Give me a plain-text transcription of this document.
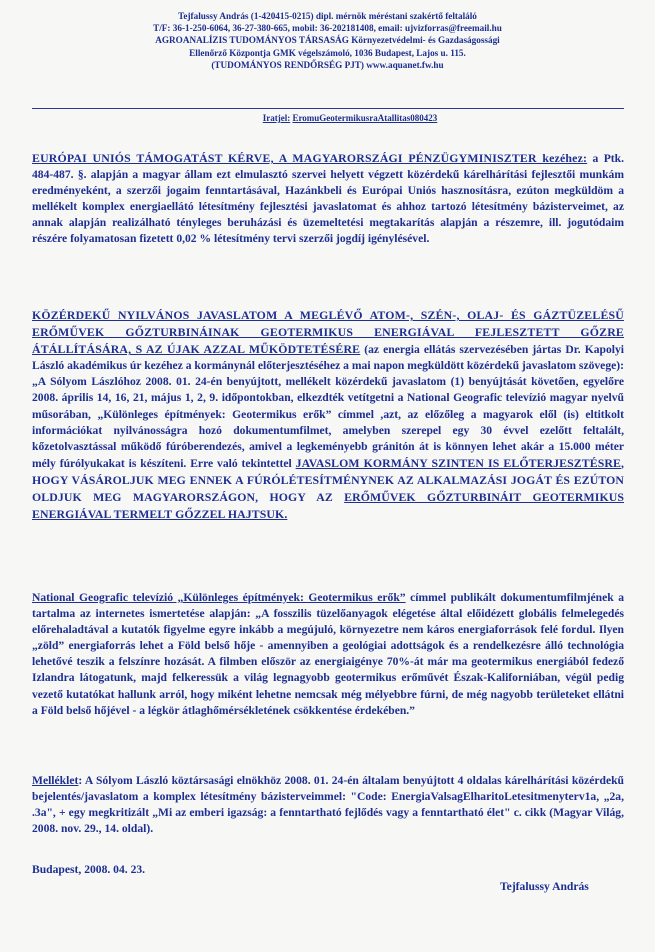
Tejfalussy András (1-420415-0215) dipl. mérnök méréstani szakértő feltaláló
T/F: 36-1-250-6064, 36-27-380-665, mobil: 36-202181408, email: ujvizforras@freemail.hu
AGROANALÍZIS TUDOMÁNYOS TÁRSASÁG Környezetvédelmi- és Gazdaságossági
Ellenőrző Központja GMK végelszámoló, 1036 Budapest, Lajos u. 115.
(TUDOMÁNYOS RENDŐRSÉG PJT) www.aquanet.fw.hu
Iratjel: EromuGeotermikusraAtallitas080423

EURÓPAI UNIÓS TÁMOGATÁST KÉRVE, A MAGYARORSZÁGI PÉNZÜGYMINISZTER kezéhez: a Ptk. 484-487. §. alapján a magyar állam ezt elmulasztó szervei helyett végzett közérdekű kárelhárítási fejlesztői munkám eredményeként, a szerzői jogaim fenntartásával, Hazánkbeli és Európai Uniós hasznosításra, ezúton megküldöm a mellékelt komplex energiaellátó létesítmény fejlesztési javaslatomat és ahhoz tartozó létesítmény bázisterveimet, az annak alapján realizálható tényleges beruházási és üzemeltetési megtakarítás alapján a részemre, ill. jogutódaim részére folyamatosan fizetett 0,02 % létesítmény tervi szerzői jogdíj igénylésével.

KÖZÉRDEKŰ NYILVÁNOS JAVASLATOM A MEGLÉVŐ ATOM-, SZÉN-, OLAJ- ÉS GÁZTÜZELÉSŰ ERŐMŰVEK GŐZTURBINÁINAK GEOTERMIKUS ENERGIÁVAL FEJLESZTETT GŐZRE ÁTÁLLÍTÁSÁRA, S AZ ÚJAK AZZAL MŰKÖDTETÉSÉRE (az energia ellátás szervezésében jártas Dr. Kapolyi László akadémikus úr kezéhez a kormánynál előterjesztéséhez a mai napon megküldött közérdekű javaslatom szövege): „A Sólyom Lászlóhoz 2008. 01. 24-én benyújtott, mellékelt közérdekű javaslatom (1) benyújtását követően, egyelőre 2008. április 14, 16, 21, május 1, 2, 9. időpontokban, elkezdték vetítgetni a National Geografic televízió magyar nyelvű műsorában, „Különleges építmények: Geotermikus erők” címmel ,azt, az előzőleg a magyarok elől (is) eltitkolt információkat nyilvánosságra hozó dokumentumfilmet, amelyben szerepel egy 30 évvel ezelőtt feltalált, kőzetolvasztással működő fúróberendezés, amivel a legkeményebb gránitón át is könnyen lehet akár a 15.000 méter mély fúrólyukakat is készíteni. Erre való tekintettel JAVASLOM KORMÁNY SZINTEN IS ELŐTERJESZTÉSRE, HOGY VÁSÁROLJUK MEG ENNEK A FÚRÓLÉTESÍTMÉNYNEK AZ ALKALMAZÁSI JOGÁT ÉS EZÚTON OLDJUK MEG MAGYARORSZÁGON, HOGY AZ ERŐMŰVEK GŐZTURBINÁIT GEOTERMIKUS ENERGIÁVAL TERMELT GŐZZEL HAJTSUK.

National Geografic televízió „Különleges építmények: Geotermikus erők” címmel publikált dokumentumfilmjének a tartalma az internetes ismertetése alapján: „A fosszilis tüzelőanyagok elégetése által előidézett globális felmelegedés előrehaladtával a kutatók figyelme egyre inkább a megújuló, környezetre nem káros energiaforrások felé fordul. Ilyen „zöld” energiaforrás lehet a Föld belső hője - amennyiben a geológiai adottságok és a rendelkezésre álló technológia lehetővé teszik a felszínre hozását. A filmben először az energiaigénye 70%-át már ma geotermikus energiából fedező Izlandra látogatunk, majd felkeressük a világ legnagyobb geotermikus erőművét Észak-Kaliforniában, végül pedig vezető kutatókat hallunk arról, hogy miként lehetne nemcsak még mélyebbre fúrni, de még nagyobb területeket ellátni a Föld belső hőjével - a légkör átlaghőmérsékletének csökkentése érdekében.”

Melléklet: A Sólyom László köztársasági elnökhöz 2008. 01. 24-én általam benyújtott 4 oldalas kárelhárítási közérdekű bejelentés/javaslatom a komplex létesítmény bázisterveimmel: "Code: EnergiaValsagElharitoLetesitmenyterv1a, „2a, .3a", + egy megkritizált „Mi az emberi igazság: a fenntartható fejlődés vagy a fenntartható élet" c. cikk (Magyar Világ, 2008. nov. 29., 14. oldal).

Budapest, 2008. 04. 23.
Tejfalussy András
